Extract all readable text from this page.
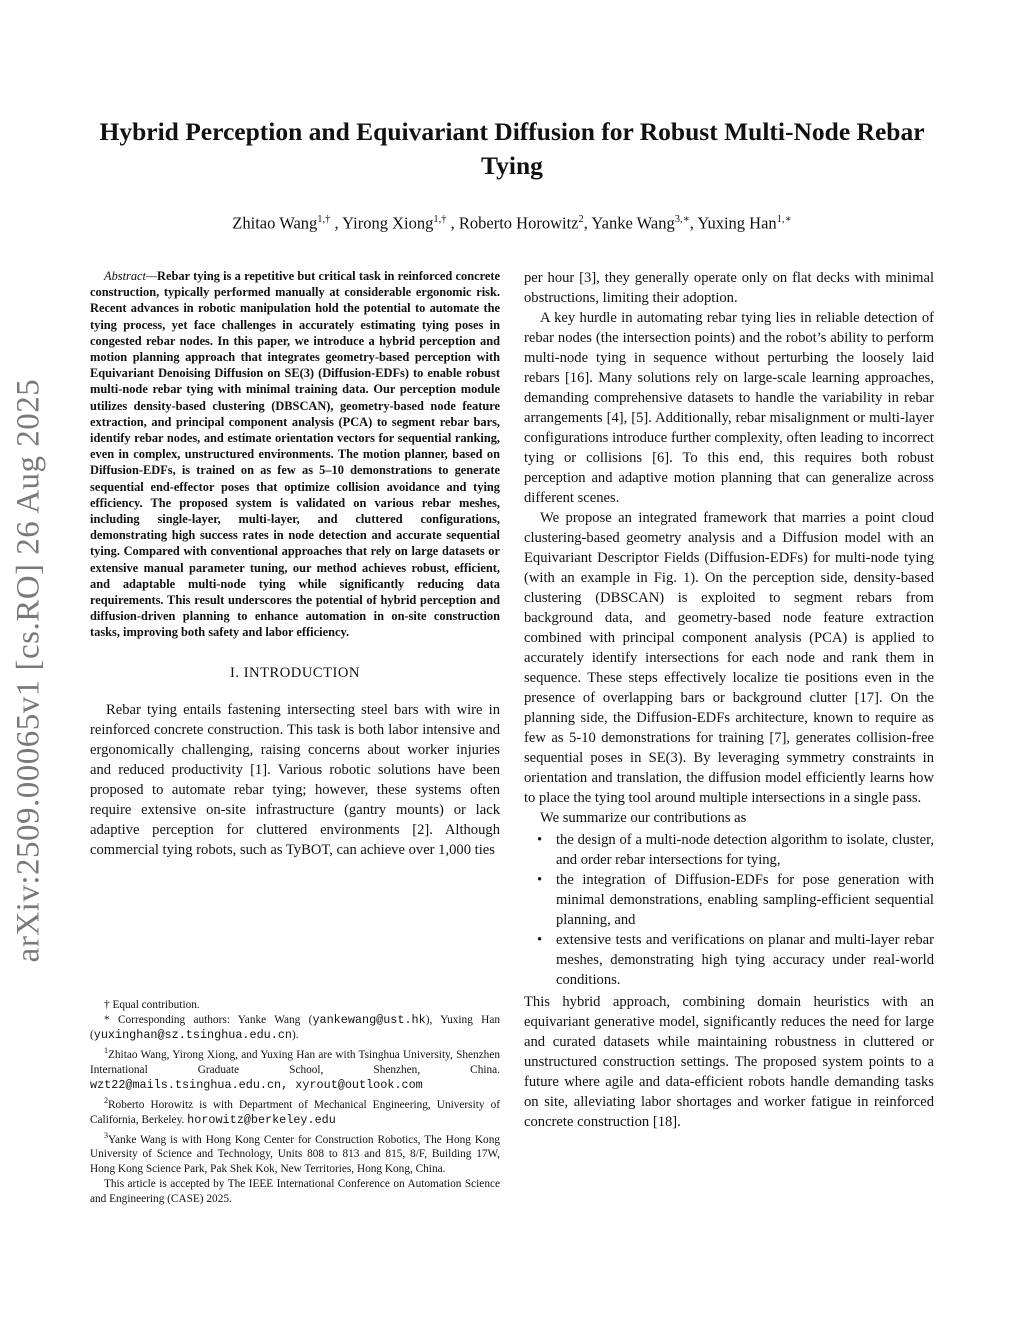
arXiv:2509.00065v1 [cs.RO] 26 Aug 2025
Hybrid Perception and Equivariant Diffusion for Robust Multi-Node Rebar Tying
Zhitao Wang$^{1,\dagger}$ , Yirong Xiong$^{1,\dagger}$ , Roberto Horowitz$^2$, Yanke Wang$^{3,∗}$, Yuxing Han$^{1,∗}$

Abstract—Rebar tying is a repetitive but critical task in reinforced concrete construction, typically performed manually at considerable ergonomic risk. Recent advances in robotic manipulation hold the potential to automate the tying process, yet face challenges in accurately estimating tying poses in congested rebar nodes. In this paper, we introduce a hybrid perception and motion planning approach that integrates geometry-based perception with Equivariant Denoising Diffusion on SE(3) (Diffusion-EDFs) to enable robust multi-node rebar tying with minimal training data. Our perception module utilizes density-based clustering (DBSCAN), geometry-based node feature extraction, and principal component analysis (PCA) to segment rebar bars, identify rebar nodes, and estimate orientation vectors for sequential ranking, even in complex, unstructured environments. The motion planner, based on Diffusion-EDFs, is trained on as few as 5–10 demonstrations to generate sequential end-effector poses that optimize collision avoidance and tying efficiency. The proposed system is validated on various rebar meshes, including single-layer, multi-layer, and cluttered configurations, demonstrating high success rates in node detection and accurate sequential tying. Compared with conventional approaches that rely on large datasets or extensive manual parameter tuning, our method achieves robust, efficient, and adaptable multi-node tying while significantly reducing data requirements. This result underscores the potential of hybrid perception and diffusion-driven planning to enhance automation in on-site construction tasks, improving both safety and labor efficiency.

I. INTRODUCTION

Rebar tying entails fastening intersecting steel bars with wire in reinforced concrete construction. This task is both labor intensive and ergonomically challenging, raising concerns about worker injuries and reduced productivity [1]. Various robotic solutions have been proposed to automate rebar tying; however, these systems often require extensive on-site infrastructure (gantry mounts) or lack adaptive perception for cluttered environments [2]. Although commercial tying robots, such as TyBOT, can achieve over 1,000 ties

per hour [3], they generally operate only on flat decks with minimal obstructions, limiting their adoption.

A key hurdle in automating rebar tying lies in reliable detection of rebar nodes (the intersection points) and the robot’s ability to perform multi-node tying in sequence without perturbing the loosely laid rebars [16]. Many solutions rely on large-scale learning approaches, demanding comprehensive datasets to handle the variability in rebar arrangements [4], [5]. Additionally, rebar misalignment or multi-layer configurations introduce further complexity, often leading to incorrect tying or collisions [6]. To this end, this requires both robust perception and adaptive motion planning that can generalize across different scenes.

We propose an integrated framework that marries a point cloud clustering-based geometry analysis and a Diffusion model with an Equivariant Descriptor Fields (Diffusion-EDFs) for multi-node tying (with an example in Fig. 1). On the perception side, density-based clustering (DBSCAN) is exploited to segment rebars from background data, and geometry-based node feature extraction combined with principal component analysis (PCA) is applied to accurately identify intersections for each node and rank them in sequence. These steps effectively localize tie positions even in the presence of overlapping bars or background clutter [17]. On the planning side, the Diffusion-EDFs architecture, known to require as few as 5-10 demonstrations for training [7], generates collision-free sequential poses in SE(3). By leveraging symmetry constraints in orientation and translation, the diffusion model efficiently learns how to place the tying tool around multiple intersections in a single pass.

We summarize our contributions as

• the design of a multi-node detection algorithm to isolate, cluster, and order rebar intersections for tying,
• the integration of Diffusion-EDFs for pose generation with minimal demonstrations, enabling sampling-efficient sequential planning, and
• extensive tests and verifications on planar and multi-layer rebar meshes, demonstrating high tying accuracy under real-world conditions.

This hybrid approach, combining domain heuristics with an equivariant generative model, significantly reduces the need for large and curated datasets while maintaining robustness in cluttered or unstructured construction settings. The proposed system points to a future where agile and data-efficient robots handle demanding tasks on site, alleviating labor shortages and worker fatigue in reinforced concrete construction [18].

† Equal contribution.

* Corresponding authors: Yanke Wang (yankewang@ust.hk), Yuxing Han (yuxinghan@sz.tsinghua.edu.cn).

$^1$Zhitao Wang, Yirong Xiong, and Yuxing Han are with Tsinghua University, Shenzhen International Graduate School, Shenzhen, China. wzt22@mails.tsinghua.edu.cn, xyrout@outlook.com

$^2$Roberto Horowitz is with Department of Mechanical Engineering, University of California, Berkeley. horowitz@berkeley.edu

$^3$Yanke Wang is with Hong Kong Center for Construction Robotics, The Hong Kong University of Science and Technology, Units 808 to 813 and 815, 8/F, Building 17W, Hong Kong Science Park, Pak Shek Kok, New Territories, Hong Kong, China.

This article is accepted by The IEEE International Conference on Automation Science and Engineering (CASE) 2025.
